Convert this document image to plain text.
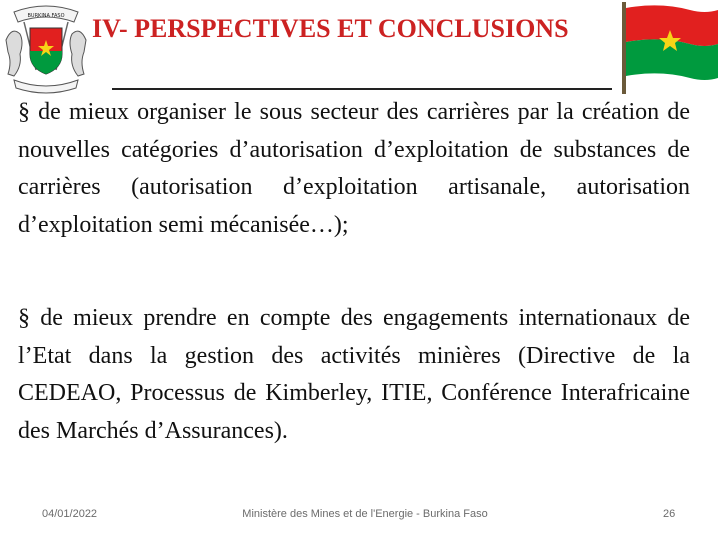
BURKINA FASO IV- PERSPECTIVES ET CONCLUSIONS
§ de mieux organiser le sous secteur des carrières par la création de nouvelles catégories d’autorisation d’exploitation de substances de carrières (autorisation d’exploitation artisanale, autorisation d’exploitation semi mécanisée…);
§ de mieux prendre en compte des engagements internationaux de l’Etat dans la gestion des activités minières (Directive de la CEDEAO, Processus de Kimberley, ITIE, Conférence Interafricaine des Marchés d’Assurances).
04/01/2022	Ministère des Mines et de l'Energie - Burkina Faso	26
